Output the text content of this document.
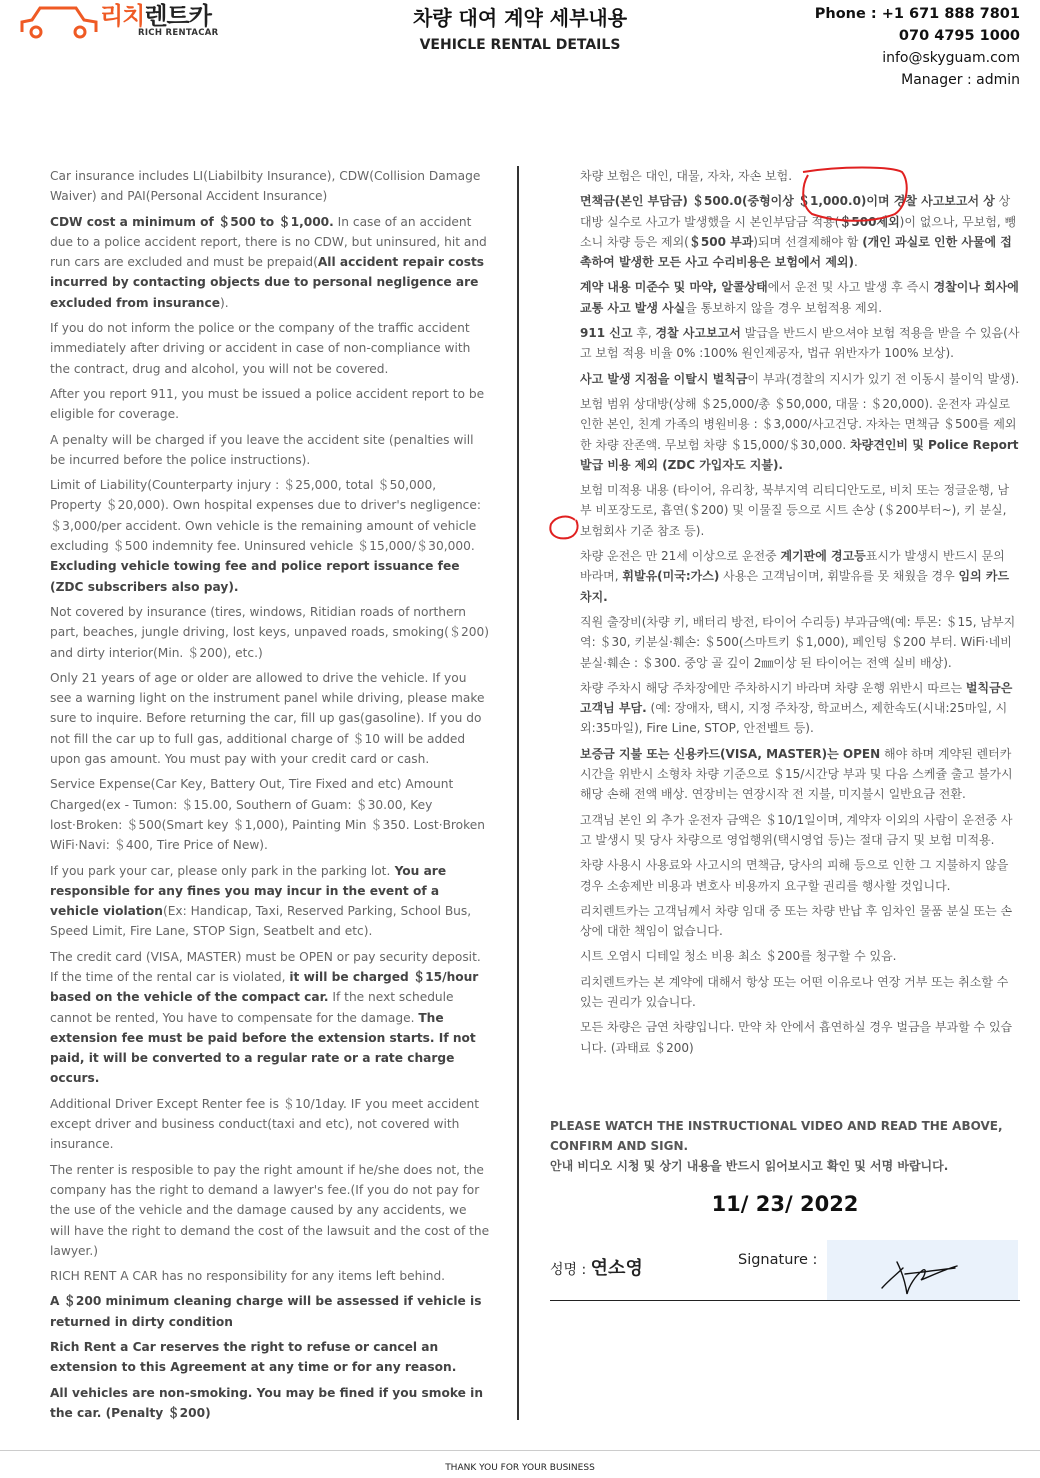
리치렌트카
RICH RENTACAR
차량 대여 계약 세부내용
VEHICLE RENTAL DETAILS
Phone : +1 671 888 7801
070 4795 1000
info@skyguam.com
Manager : admin

Car insurance includes LI(Liabilbity Insurance), CDW(Collision Damage Waiver) and PAI(Personal Accident Insurance)

CDW cost a minimum of ＄500 to ＄1,000. In case of an accident due to a police accident report, there is no CDW, but uninsured, hit and run cars are excluded and must be prepaid(All accident repair costs incurred by contacting objects due to personal negligence are excluded from insurance).

If you do not inform the police or the company of the traffic accident immediately after driving or accident in case of non-compliance with the contract, drug and alcohol, you will not be covered.

After you report 911, you must be issued a police accident report to be eligible for coverage.

A penalty will be charged if you leave the accident site (penalties will be incurred before the police instructions).

Limit of Liability(Counterparty injury : ＄25,000, total ＄50,000, Property ＄20,000). Own hospital expenses due to driver's negligence: ＄3,000/per accident. Own vehicle is the remaining amount of vehicle excluding ＄500 indemnity fee. Uninsured vehicle ＄15,000/＄30,000. Excluding vehicle towing fee and police report issuance fee (ZDC subscribers also pay).

Not covered by insurance (tires, windows, Ritidian roads of northern part, beaches, jungle driving, lost keys, unpaved roads, smoking(＄200) and dirty interior(Min. ＄200), etc.)

Only 21 years of age or older are allowed to drive the vehicle. If you see a warning light on the instrument panel while driving, please make sure to inquire. Before returning the car, fill up gas(gasoline). If you do not fill the car up to full gas, additional charge of ＄10 will be added upon gas amount. You must pay with your credit card or cash.

Service Expense(Car Key, Battery Out, Tire Fixed and etc) Amount Charged(ex - Tumon: ＄15.00, Southern of Guam: ＄30.00, Key lost·Broken: ＄500(Smart key ＄1,000), Painting Min ＄350. Lost·Broken WiFi·Navi: ＄400, Tire Price of New).

If you park your car, please only park in the parking lot. You are responsible for any fines you may incur in the event of a vehicle violation(Ex: Handicap, Taxi, Reserved Parking, School Bus, Speed Limit, Fire Lane, STOP Sign, Seatbelt and etc).

The credit card (VISA, MASTER) must be OPEN or pay security deposit. If the time of the rental car is violated, it will be charged ＄15/hour based on the vehicle of the compact car. If the next schedule cannot be rented, You have to compensate for the damage. The extension fee must be paid before the extension starts. If not paid, it will be converted to a regular rate or a rate charge occurs.

Additional Driver Except Renter fee is ＄10/1day. IF you meet accident except driver and business conduct(taxi and etc), not covered with insurance.

The renter is resposible to pay the right amount if he/she does not, the company has the right to demand a lawyer's fee.(If you do not pay for the use of the vehicle and the damage caused by any accidents, we will have the right to demand the cost of the lawsuit and the cost of the lawyer.)

RICH RENT A CAR has no responsibility for any items left behind.

A ＄200 minimum cleaning charge will be assessed if vehicle is returned in dirty condition

Rich Rent a Car reserves the right to refuse or cancel an extension to this Agreement at any time or for any reason.

All vehicles are non-smoking. You may be fined if you smoke in the car. (Penalty ＄200)

차량 보험은 대인, 대물, 자차, 자손 보험.

면책금(본인 부담금) ＄500.0(중형이상 ＄1,000.0)이며 경찰 사고보고서 상 상대방 실수로 사고가 발생했을 시 본인부담금 적용(＄500제외)이 없으나, 무보험, 뺑소니 차량 등은 제외(＄500 부과)되며 선결제해야 함 (개인 과실로 인한 사물에 접촉하여 발생한 모든 사고 수리비용은 보험에서 제외).

계약 내용 미준수 및 마약, 알콜상태에서 운전 및 사고 발생 후 즉시 경찰이나 회사에 교통 사고 발생 사실을 통보하지 않을 경우 보험적용 제외.

911 신고 후, 경찰 사고보고서 발급을 반드시 받으셔야 보험 적용을 받을 수 있음(사고 보험 적용 비율 0% :100% 원인제공자, 법규 위반자가 100% 보상).

사고 발생 지점을 이탈시 벌칙금이 부과(경찰의 지시가 있기 전 이동시 불이익 발생).

보험 범위 상대방(상해 ＄25,000/총 ＄50,000, 대물 : ＄20,000). 운전자 과실로 인한 본인, 친계 가족의 병원비용 : ＄3,000/사고건당. 자차는 면책금 ＄500를 제외한 차량 잔존액. 무보험 차량 ＄15,000/＄30,000. 차량견인비 및 Police Report 발급 비용 제외 (ZDC 가입자도 지불).

보험 미적용 내용 (타이어, 유리창, 북부지역 리티디안도로, 비치 또는 정글운행, 남부 비포장도로, 흡연(＄200) 및 이물질 등으로 시트 손상 (＄200부터~), 키 분실, 보험회사 기준 참조 등).

차량 운전은 만 21세 이상으로 운전중 계기판에 경고등표시가 발생시 반드시 문의 바라며, 휘발유(미국:가스) 사용은 고객님이며, 휘발유를 못 채웠을 경우 임의 카드 차지.

직원 출장비(차량 키, 배터리 방전, 타이어 수리등) 부과금액(예: 투몬: ＄15, 남부지역: ＄30, 키분실·훼손: ＄500(스마트키 ＄1,000), 페인팅 ＄200 부터. WiFi·네비 분실·훼손 : ＄300. 중앙 골 깊이 2㎜이상 된 타이어는 전액 실비 배상).

차량 주차시 해당 주차장에만 주차하시기 바라며 차량 운행 위반시 따르는 벌칙금은 고객님 부담. (예: 장애자, 택시, 지정 주차장, 학교버스, 제한속도(시내:25마일, 시외:35마일), Fire Line, STOP, 안전벨트 등).

보증금 지불 또는 신용카드(VISA, MASTER)는 OPEN 해야 하며 계약된 렌터카 시간을 위반시 소형차 차량 기준으로 ＄15/시간당 부과 및 다음 스케쥴 출고 불가시 해당 손해 전액 배상. 연장비는 연장시작 전 지불, 미지불시 일반요금 전환.

고객님 본인 외 추가 운전자 금액은 ＄10/1일이며, 계약자 이외의 사람이 운전중 사고 발생시 및 당사 차량으로 영업행위(택시영업 등)는 절대 금지 및 보험 미적용.

차량 사용시 사용료와 사고시의 면책금, 당사의 피해 등으로 인한 그 지불하지 않을 경우 소송제반 비용과 변호사 비용까지 요구할 권리를 행사할 것입니다.

리치렌트카는 고객님께서 차량 임대 중 또는 차량 반납 후 임차인 물품 분실 또는 손상에 대한 책임이 없습니다.

시트 오염시 디테일 청소 비용 최소 ＄200를 청구할 수 있음.

리치렌트카는 본 계약에 대해서 항상 또는 어떤 이유로나 연장 거부 또는 취소할 수 있는 권리가 있습니다.

모든 차량은 금연 차량입니다. 만약 차 안에서 흡연하실 경우 벌금을 부과할 수 있습니다. (과태료 ＄200)

PLEASE WATCH THE INSTRUCTIONAL VIDEO AND READ THE ABOVE, CONFIRM AND SIGN.
안내 비디오 시청 및 상기 내용을 반드시 읽어보시고 확인 및 서명 바랍니다.
11/ 23/ 2022
성명 : 연소영	Signature :
THANK YOU FOR YOUR BUSINESS
